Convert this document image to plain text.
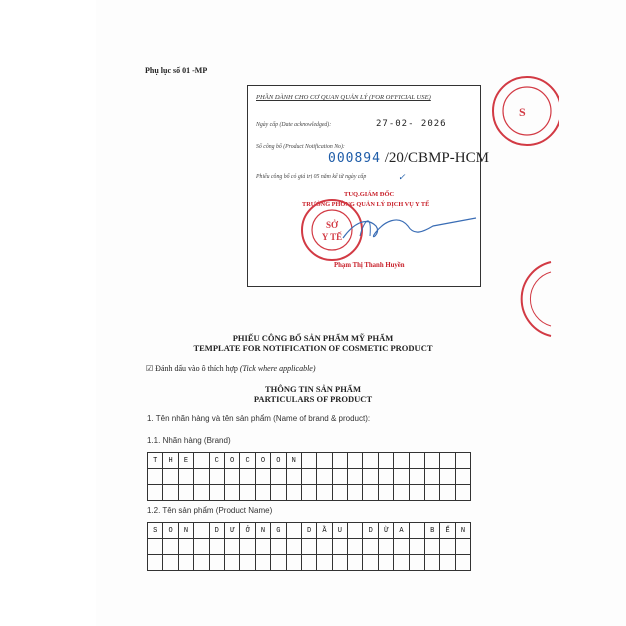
Phụ lục số 01 -MP
S
PHẦN DÀNH CHO CƠ QUAN QUẢN LÝ (FOR OFFICIAL USE)
Ngày cấp (Date acknowledged):	27-02- 2026
Số công bố (Product Notification No):
000894 /20/CBMP-HCM
Phiếu công bố có giá trị 05 năm kể từ ngày cấp	✓
TUQ.GIÁM ĐỐC
TRƯỞNG PHÒNG QUẢN LÝ DỊCH VỤ Y TẾ
SỞ
Y TẾ
Phạm Thị Thanh Huyền
PHIẾU CÔNG BỐ SẢN PHẨM MỸ PHẨM
TEMPLATE FOR NOTIFICATION OF COSMETIC PRODUCT
☑ Đánh dấu vào ô thích hợp (Tick where applicable)
THÔNG TIN SẢN PHẨM
PARTICULARS OF PRODUCT
1. Tên nhãn hàng và tên sản phẩm (Name of brand & product):
1.1. Nhãn hàng (Brand)
T	H	E		C	O	C	O	O	N											

1.2. Tên sản phẩm (Product Name)
S	O	N		D	Ư	Ở	N	G		D	Ầ	U		D	Ừ	A		B	Ế	N
